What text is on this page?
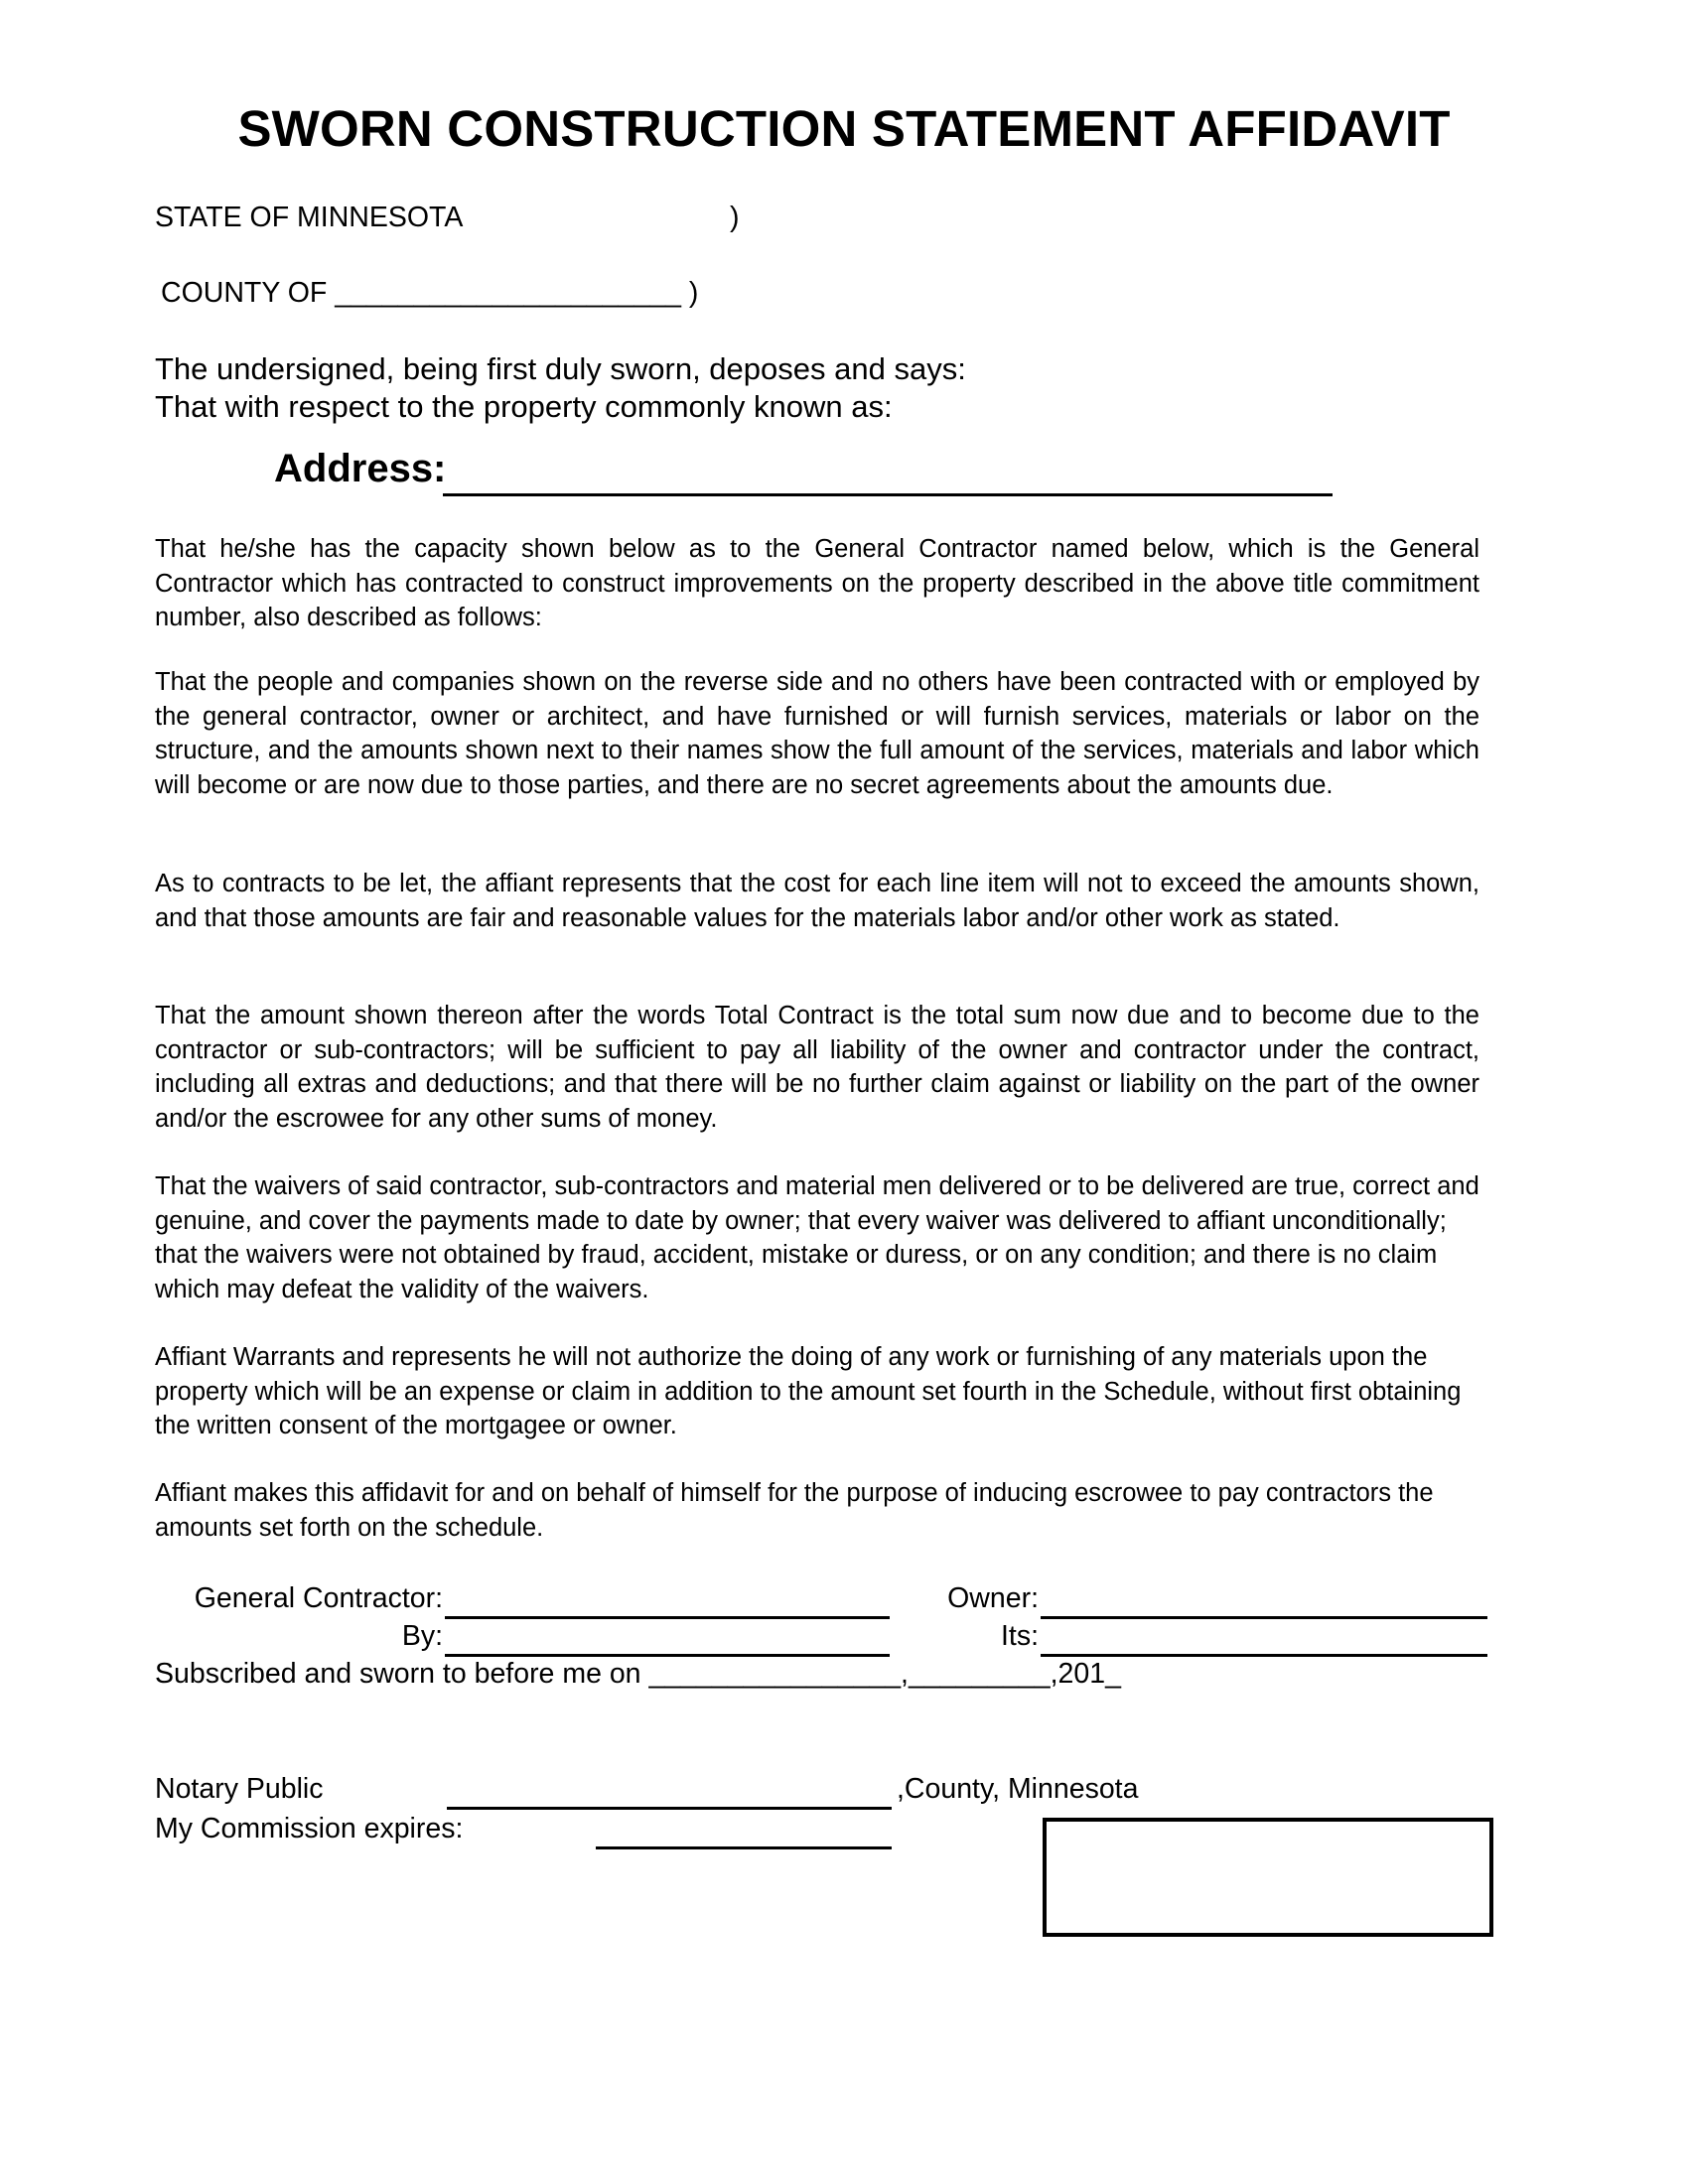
SWORN CONSTRUCTION STATEMENT AFFIDAVIT
STATE OF MINNESOTA	)
COUNTY OF ______________________ )
The undersigned, being first duly sworn, deposes and says:
That with respect to the property commonly known as:
Address:
That he/she has the capacity shown below as to the General Contractor named below, which is the General Contractor which has contracted to construct improvements on the property described in the above title commitment number, also described as follows:
That the people and companies shown on the reverse side and no others have been contracted with or employed by the general contractor, owner or architect, and have furnished or will furnish services, materials or labor on the structure, and the amounts shown next to their names show the full amount of the services, materials and labor which will become or are now due to those parties, and there are no secret agreements about the amounts due.
As to contracts to be let, the affiant represents that the cost for each line item will not to exceed the amounts shown, and that those amounts are fair and reasonable values for the materials labor and/or other work as stated.
That the amount shown thereon after the words Total Contract is the total sum now due and to become due to the contractor or sub-contractors; will be sufficient to pay all liability of the owner and contractor under the contract, including all extras and deductions; and that there will be no further claim against or liability on the part of the owner and/or the escrowee for any other sums of money.
That the waivers of said contractor, sub-contractors and material men delivered or to be delivered are true, correct and genuine, and cover the payments made to date by owner; that every waiver was delivered to affiant unconditionally; that the waivers were not obtained by fraud, accident, mistake or duress, or on any condition; and there is no claim which may defeat the validity of the waivers.
Affiant Warrants and represents he will not authorize the doing of any work or furnishing of any materials upon the property which will be an expense or claim in addition to the amount set fourth in the Schedule, without first obtaining the written consent of the mortgagee or owner.
Affiant makes this affidavit for and on behalf of himself for the purpose of inducing escrowee to pay contractors the amounts set forth on the schedule.
General Contractor:
By:
Owner:
Its:
Subscribed and sworn to before me on ________________,_________,201_
Notary Public	,County, Minnesota
My Commission expires:
